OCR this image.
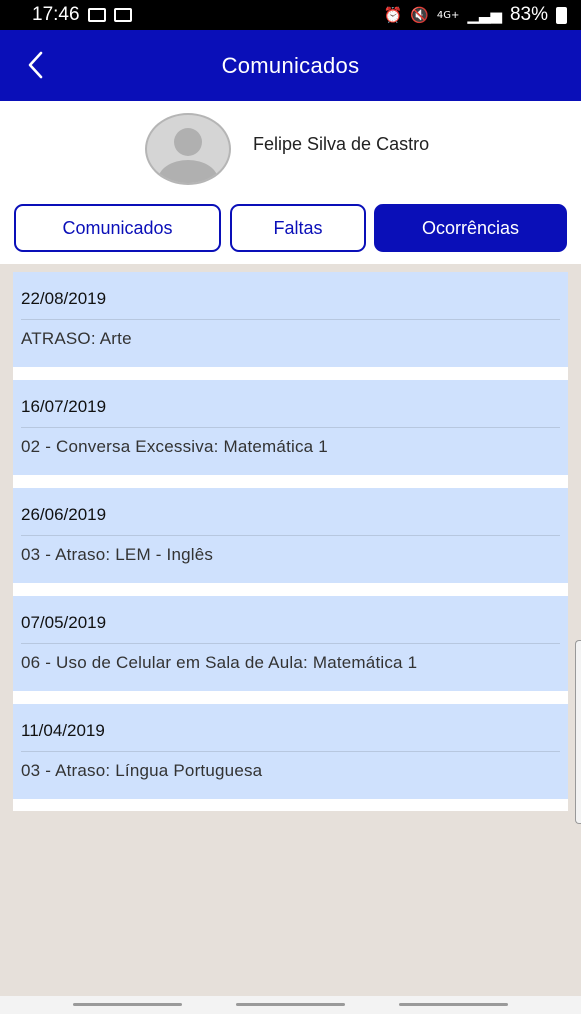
17:46	⏰ 🔇 4G+ ▁▃▅ 83%
Comunicados
Felipe Silva de Castro
Comunicados	Faltas	Ocorrências
22/08/2019
ATRASO: Arte
16/07/2019
02 - Conversa Excessiva: Matemática 1
26/06/2019
03 - Atraso: LEM - Inglês
07/05/2019
06 - Uso de Celular em Sala de Aula: Matemática 1
11/04/2019
03 - Atraso: Língua Portuguesa
